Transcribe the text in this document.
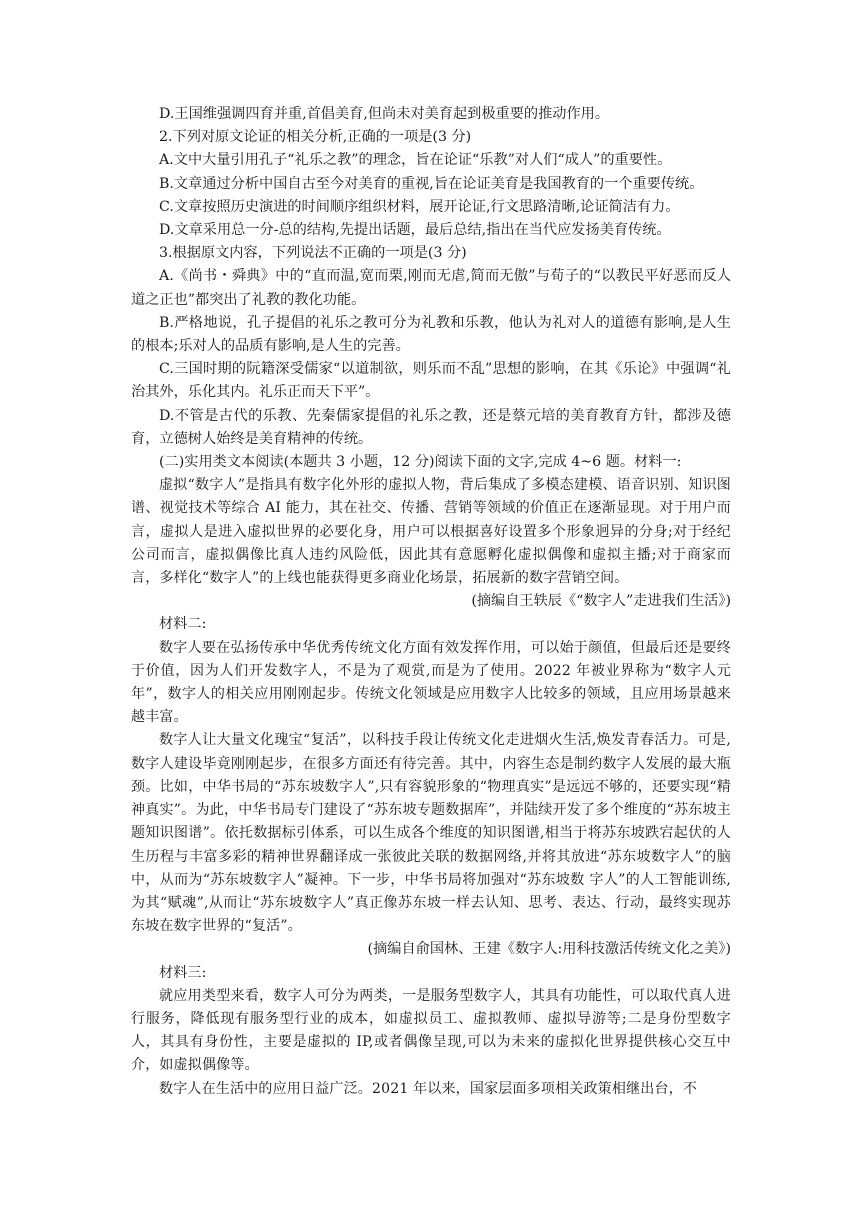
D.王国维强调四育并重,首倡美育,但尚未对美育起到极重要的推动作用。

2.下列对原文论证的相关分析,正确的一项是(3 分)

A.文中大量引用孔子“礼乐之教”的理念，旨在论证“乐教”对人们“成人”的重要性。

B.文章通过分析中国自古至今对美育的重视,旨在论证美育是我国教育的一个重要传统。

C.文章按照历史演进的时间顺序组织材料，展开论证,行文思路清晰,论证简洁有力。

D.文章采用总一分-总的结构,先提出话题，最后总结,指出在当代应发扬美育传统。

3.根据原文内容，下列说法不正确的一项是(3 分)

A.《尚书・舜典》中的“直而温,宽而栗,刚而无虐,简而无傲”与荀子的“以教民平好恶而反人道之正也”都突出了礼教的教化功能。

B.严格地说，孔子提倡的礼乐之教可分为礼教和乐教，他认为礼对人的道德有影响,是人生的根本;乐对人的品质有影响,是人生的完善。

C.三国时期的阮籍深受儒家“以道制欲，则乐而不乱”思想的影响，在其《乐论》中强调“礼治其外，乐化其内。礼乐正而天下平”。

D.不管是古代的乐教、先秦儒家提倡的礼乐之教，还是蔡元培的美育教育方针，都涉及德育，立德树人始终是美育精神的传统。

(二)实用类文本阅读(本题共 3 小题，12 分)阅读下面的文字,完成 4~6 题。材料一:

虚拟“数字人”是指具有数字化外形的虚拟人物，背后集成了多模态建模、语音识别、知识图谱、视觉技术等综合 AI 能力，其在社交、传播、营销等领域的价值正在逐渐显现。对于用户而言，虚拟人是进入虚拟世界的必要化身，用户可以根据喜好设置多个形象迥异的分身;对于经纪公司而言，虚拟偶像比真人违约风险低，因此其有意愿孵化虚拟偶像和虚拟主播;对于商家而言，多样化“数字人”的上线也能获得更多商业化场景，拓展新的数字营销空间。

(摘编自王轶辰《“数字人”走进我们生活》)

材料二:

数字人要在弘扬传承中华优秀传统文化方面有效发挥作用，可以始于颜值，但最后还是要终于价值，因为人们开发数字人，不是为了观赏,而是为了使用。2022 年被业界称为“数字人元年”，数字人的相关应用刚刚起步。传统文化领域是应用数字人比较多的领域，且应用场景越来越丰富。

数字人让大量文化瑰宝“复活”，以科技手段让传统文化走进烟火生活,焕发青春活力。可是,数字人建设毕竟刚刚起步，在很多方面还有待完善。其中，内容生态是制约数字人发展的最大瓶颈。比如，中华书局的“苏东坡数字人”,只有容貌形象的“物理真实”是远远不够的，还要实现“精神真实”。为此，中华书局专门建设了“苏东坡专题数据库”，并陆续开发了多个维度的“苏东坡主题知识图谱”。依托数据标引体系，可以生成各个维度的知识图谱,相当于将苏东坡跌宕起伏的人生历程与丰富多彩的精神世界翻译成一张彼此关联的数据网络,并将其放进“苏东坡数字人”的脑中，从而为“苏东坡数字人”凝神。下一步，中华书局将加强对“苏东坡数 字人”的人工智能训练,为其“赋魂”,从而让“苏东坡数字人”真正像苏东坡一样去认知、思考、表达、行动，最终实现苏东坡在数字世界的“复活”。

(摘编自俞国林、王建《数字人:用科技激活传统文化之美》)

材料三:

就应用类型来看，数字人可分为两类，一是服务型数字人，其具有功能性，可以取代真人进行服务，降低现有服务型行业的成本，如虚拟员工、虚拟教师、虚拟导游等;二是身份型数字人，其具有身份性，主要是虚拟的 IP,或者偶像呈现,可以为未来的虚拟化世界提供核心交互中介，如虚拟偶像等。

数字人在生活中的应用日益广泛。2021 年以来，国家层面多项相关政策相继出台，不
